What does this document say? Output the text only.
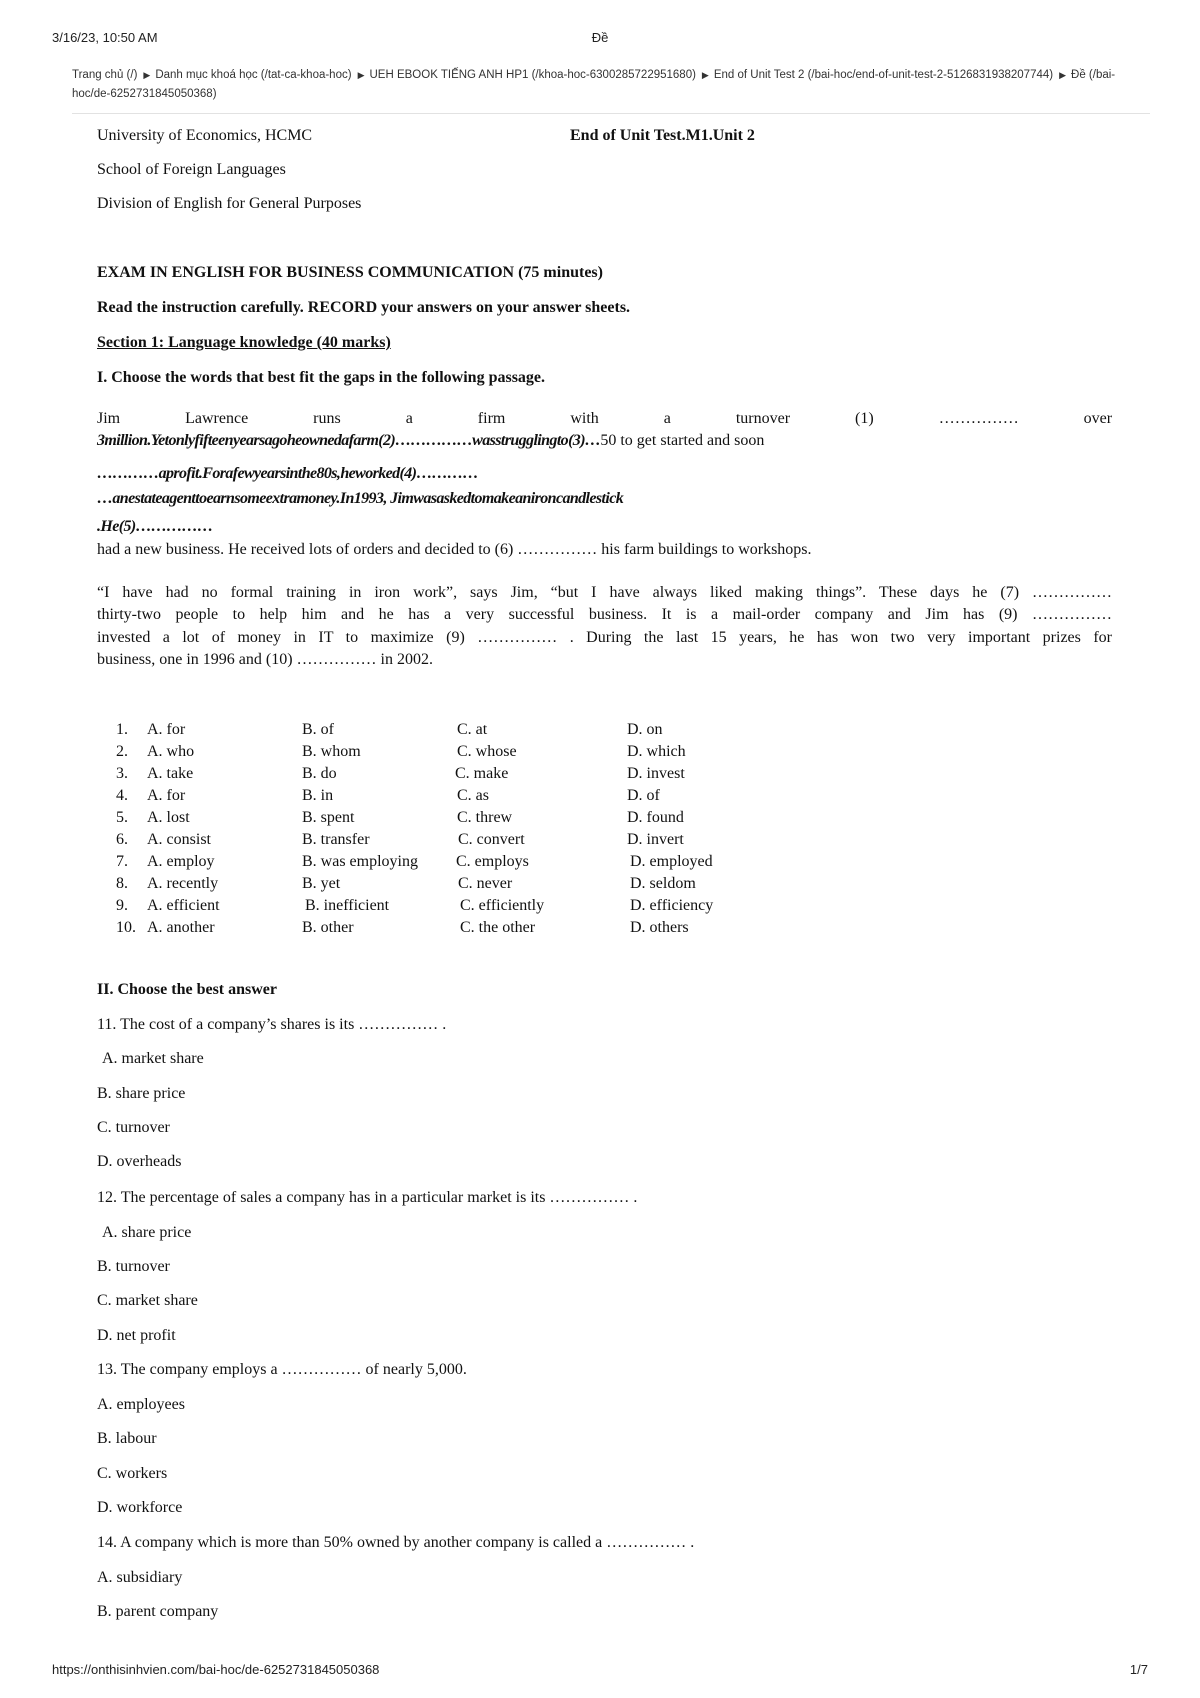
3/16/23, 10:50 AM	Đề
Trang chủ (/) ▶ Danh mục khoá học (/tat-ca-khoa-hoc) ▶ UEH EBOOK TIẾNG ANH HP1 (/khoa-hoc-6300285722951680) ▶ End of Unit Test 2 (/bai-hoc/end-of-unit-test-2-5126831938207744) ▶ Đề (/bai-hoc/de-6252731845050368)
University of Economics, HCMC	End of Unit Test.M1.Unit 2
School of Foreign Languages
Division of English for General Purposes
EXAM IN ENGLISH FOR BUSINESS COMMUNICATION (75 minutes)
Read the instruction carefully. RECORD your answers on your answer sheets.
Section 1: Language knowledge (40 marks)
I. Choose the words that best fit the gaps in the following passage.
Jim	Lawrence	runs	a	firm	with	a	turnover	(1)	……………	over
3million.Yetonlyfifteenyearsagoheownedafarm(2)……………wasstrugglingto(3)…50 to get started and soon
…………aprofit.Forafewyearsinthe80s,heworked(4)…………
…anestateagenttoearnsomeextramoney.In1993, Jimwasaskedtomakeanironcandlestick
.He(5)……………
had a new business. He received lots of orders and decided to (6) …………… his farm buildings to workshops.
“I have had no formal training in iron work”, says Jim, “but I have always liked making things”. These days he (7) ……………
thirty-two people to help him and he has a very successful business. It is a mail-order company and Jim has (9) ……………
invested a lot of money in IT to maximize (9) …………… . During the last 15 years, he has won two very important prizes for
business, one in 1996 and (10) …………… in 2002.
1. A. for	B. of	C. at	D. on
2. A. who	B. whom	C. whose	D. which
3. A. take	B. do	C. make	D. invest
4. A. for	B. in	C. as	D. of
5. A. lost	B. spent	C. threw	D. found
6. A. consist	B. transfer	C. convert	D. invert
7. A. employ	B. was employing C. employs	D. employed
8. A. recently	B. yet	C. never	D. seldom
9. A. efficient	B. inefficient	C. efficiently	D. efficiency
10. A. another	B. other	C. the other	D. others
II. Choose the best answer
11. The cost of a company’s shares is its …………… .
A. market share
B. share price
C. turnover
D. overheads
12. The percentage of sales a company has in a particular market is its …………… .
A. share price
B. turnover
C. market share
D. net profit
13. The company employs a …………… of nearly 5,000.
A. employees
B. labour
C. workers
D. workforce
14. A company which is more than 50% owned by another company is called a …………… .
A. subsidiary
B. parent company
https://onthisinhvien.com/bai-hoc/de-6252731845050368	1/7
